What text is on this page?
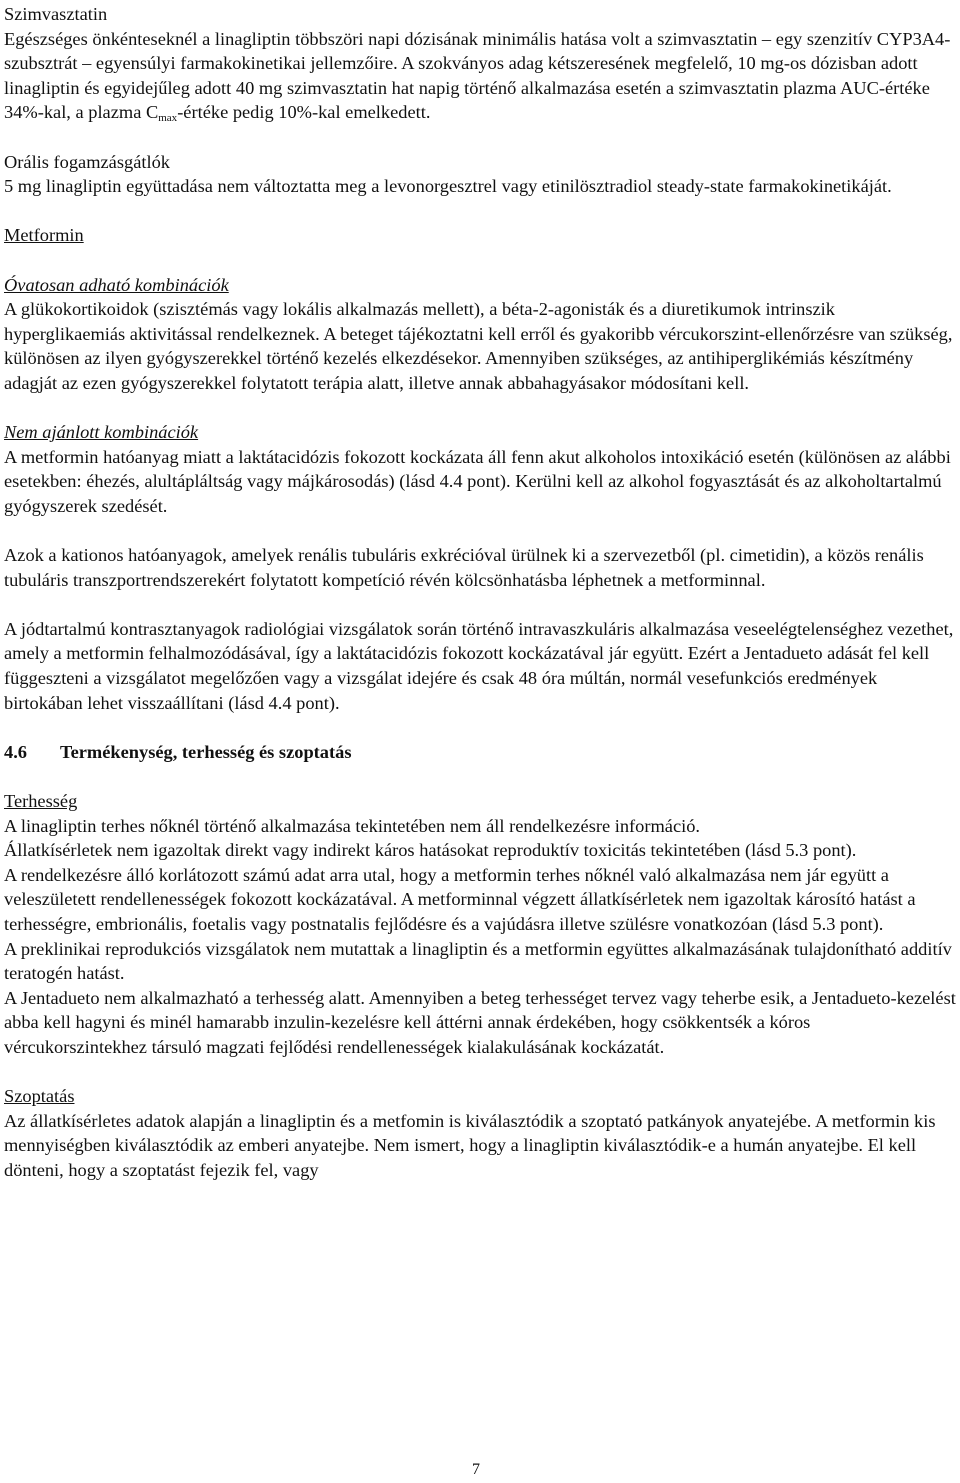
Szimvasztatin

Egészséges önkénteseknél a linagliptin többszöri napi dózisának minimális hatása volt a szimvasztatin – egy szenzitív CYP3A4-szubsztrát – egyensúlyi farmakokinetikai jellemzőire. A szokványos adag kétszeresének megfelelő, 10 mg-os dózisban adott linagliptin és egyidejűleg adott 40 mg szimvasztatin hat napig történő alkalmazása esetén a szimvasztatin plazma AUC-értéke 34%-kal, a plazma $C_{max}$-értéke pedig 10%-kal emelkedett.

Orális fogamzásgátlók

5 mg linagliptin együttadása nem változtatta meg a levonorgesztrel vagy etinilösztradiol steady-state farmakokinetikáját.

Metformin

Óvatosan adható kombinációk

A glükokortikoidok (szisztémás vagy lokális alkalmazás mellett), a béta-2-agonisták és a diuretikumok intrinszik hyperglikaemiás aktivitással rendelkeznek. A beteget tájékoztatni kell erről és gyakoribb vércukorszint-ellenőrzésre van szükség, különösen az ilyen gyógyszerekkel történő kezelés elkezdésekor. Amennyiben szükséges, az antihiperglikémiás készítmény adagját az ezen gyógyszerekkel folytatott terápia alatt, illetve annak abbahagyásakor módosítani kell.

Nem ajánlott kombinációk

A metformin hatóanyag miatt a laktátacidózis fokozott kockázata áll fenn akut alkoholos intoxikáció esetén (különösen az alábbi esetekben: éhezés, alultápláltság vagy májkárosodás) (lásd 4.4 pont). Kerülni kell az alkohol fogyasztását és az alkoholtartalmú gyógyszerek szedését.

Azok a kationos hatóanyagok, amelyek renális tubuláris exkrécióval ürülnek ki a szervezetből (pl. cimetidin), a közös renális tubuláris transzportrendszerekért folytatott kompetíció révén kölcsönhatásba léphetnek a metforminnal.

A jódtartalmú kontrasztanyagok radiológiai vizsgálatok során történő intravaszkuláris alkalmazása veseelégtelenséghez vezethet, amely a metformin felhalmozódásával, így a laktátacidózis fokozott kockázatával jár együtt. Ezért a Jentadueto adását fel kell függeszteni a vizsgálatot megelőzően vagy a vizsgálat idejére és csak 48 óra múltán, normál vesefunkciós eredmények birtokában lehet visszaállítani (lásd 4.4 pont).

4.6	Termékenység, terhesség és szoptatás

Terhesség

A linagliptin terhes nőknél történő alkalmazása tekintetében nem áll rendelkezésre információ.

Állatkísérletek nem igazoltak direkt vagy indirekt káros hatásokat reproduktív toxicitás tekintetében (lásd 5.3 pont).

A rendelkezésre álló korlátozott számú adat arra utal, hogy a metformin terhes nőknél való alkalmazása nem jár együtt a veleszületett rendellenességek fokozott kockázatával. A metforminnal végzett állatkísérletek nem igazoltak károsító hatást a terhességre, embrionális, foetalis vagy postnatalis fejlődésre és a vajúdásra illetve szülésre vonatkozóan (lásd 5.3 pont).

A preklinikai reprodukciós vizsgálatok nem mutattak a linagliptin és a metformin együttes alkalmazásának tulajdonítható additív teratogén hatást.

A Jentadueto nem alkalmazható a terhesség alatt. Amennyiben a beteg terhességet tervez vagy teherbe esik, a Jentadueto-kezelést abba kell hagyni és minél hamarabb inzulin-kezelésre kell áttérni annak érdekében, hogy csökkentsék a kóros vércukorszintekhez társuló magzati fejlődési rendellenességek kialakulásának kockázatát.

Szoptatás

Az állatkísérletes adatok alapján a linagliptin és a metfomin is kiválasztódik a szoptató patkányok anyatejébe. A metformin kis mennyiségben kiválasztódik az emberi anyatejbe. Nem ismert, hogy a linagliptin kiválasztódik-e a humán anyatejbe. El kell dönteni, hogy a szoptatást fejezik fel, vagy

7
